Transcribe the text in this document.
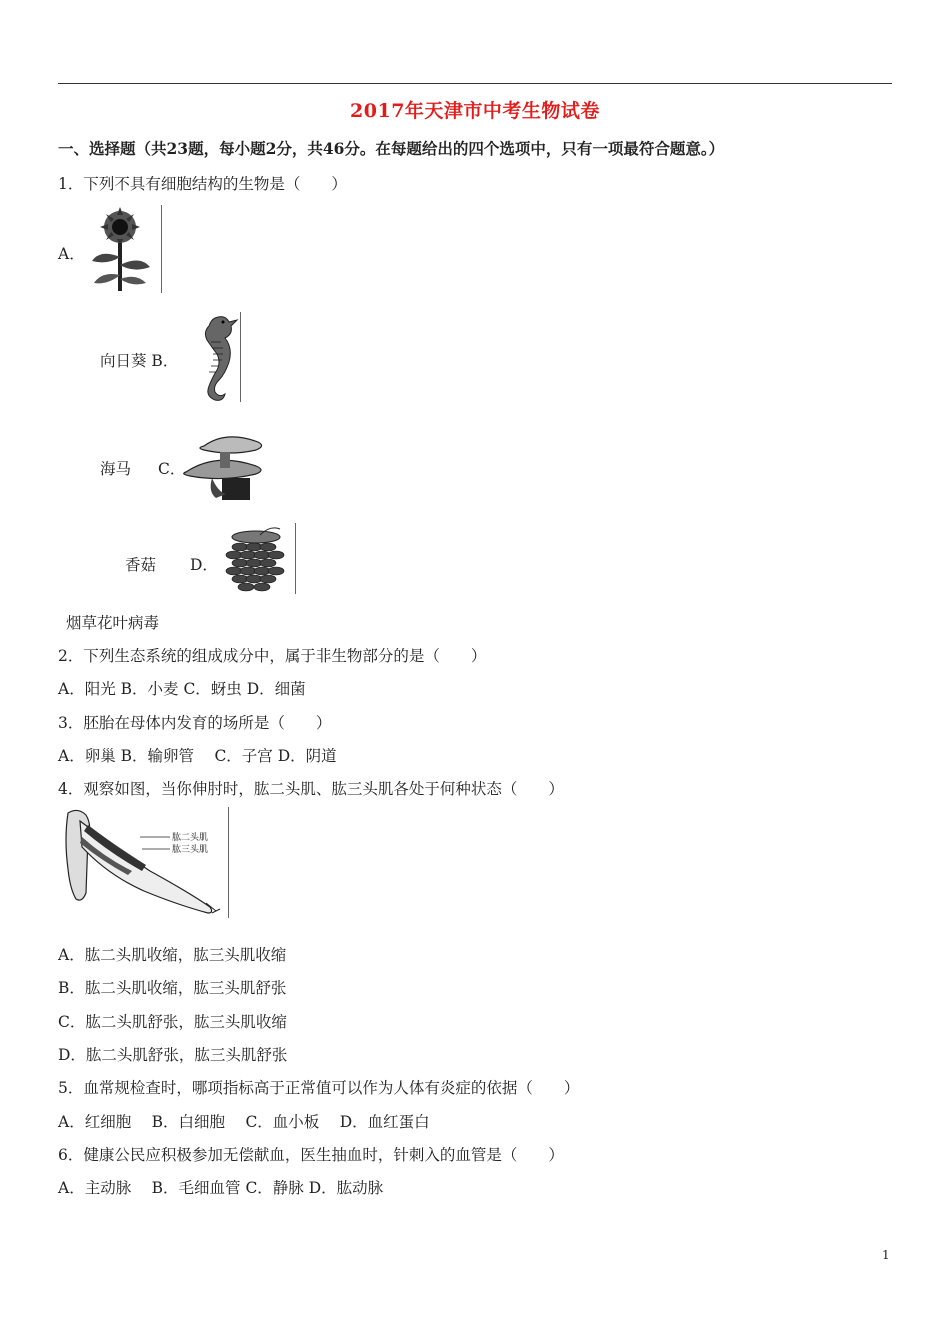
2017年天津市中考生物试卷
一、选择题（共23题，每小题2分，共46分。在每题给出的四个选项中，只有一项最符合题意。）
1．下列不具有细胞结构的生物是（　　）
A．
向日葵 B．
海马 C．
香菇 D．
烟草花叶病毒
2．下列生态系统的组成成分中，属于非生物部分的是（　　）
A．阳光 B．小麦 C．蚜虫 D．细菌
3．胚胎在母体内发育的场所是（　　）
A．卵巢 B．输卵管　 C．子宫 D．阴道
4．观察如图，当你伸肘时，肱二头肌、肱三头肌各处于何种状态（　　）
肱二头肌
肱三头肌
A．肱二头肌收缩，肱三头肌收缩
B．肱二头肌收缩，肱三头肌舒张
C．肱二头肌舒张，肱三头肌收缩
D．肱二头肌舒张，肱三头肌舒张
5．血常规检查时，哪项指标高于正常值可以作为人体有炎症的依据（　　）
A．红细胞　 B．白细胞　 C．血小板　 D．血红蛋白
6．健康公民应积极参加无偿献血，医生抽血时，针刺入的血管是（　　）
A．主动脉　 B．毛细血管 C．静脉 D．肱动脉
1
